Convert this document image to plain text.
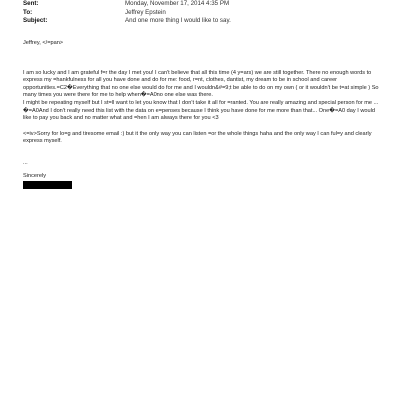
Sent:	Monday, November 17, 2014 4:35 PM
To:	Jeffrey Epstein
Subject:	And one more thing I would like to say.

Jeffrey, </=pan>

I am so lucky and I am grateful f=r the day I met you! I can't believe that all this time (4 y=ars) we are still together. There no enough words to express my =hankfulness for all you have done and do for me: food, r=nt, clothes, dantist, my dream to be in school and career opportunities.=C2�Everything that no one else would do for me and I wouldn&#=9;t be able to do on my own ( or it wouldn't be t=at simple ) So many times you were there for me to help when�=A0no one else was there.

I might be repeating myself but I st=ll want to let you know that I don't take it all for =ranted. You are really amazing and special person for me ... �=A0And I don't really need this list with the data on e=penses because I think you have done for me more than that... One�=A0 day I would like to pay you back and no matter what and =hen I am always there for you <3

<=iv>Sorry for lo=g and tiresome email :) but it the only way you can listen =or the whole things haha and the only way I can ful=y and clearly express myself.

...

Sincerely
